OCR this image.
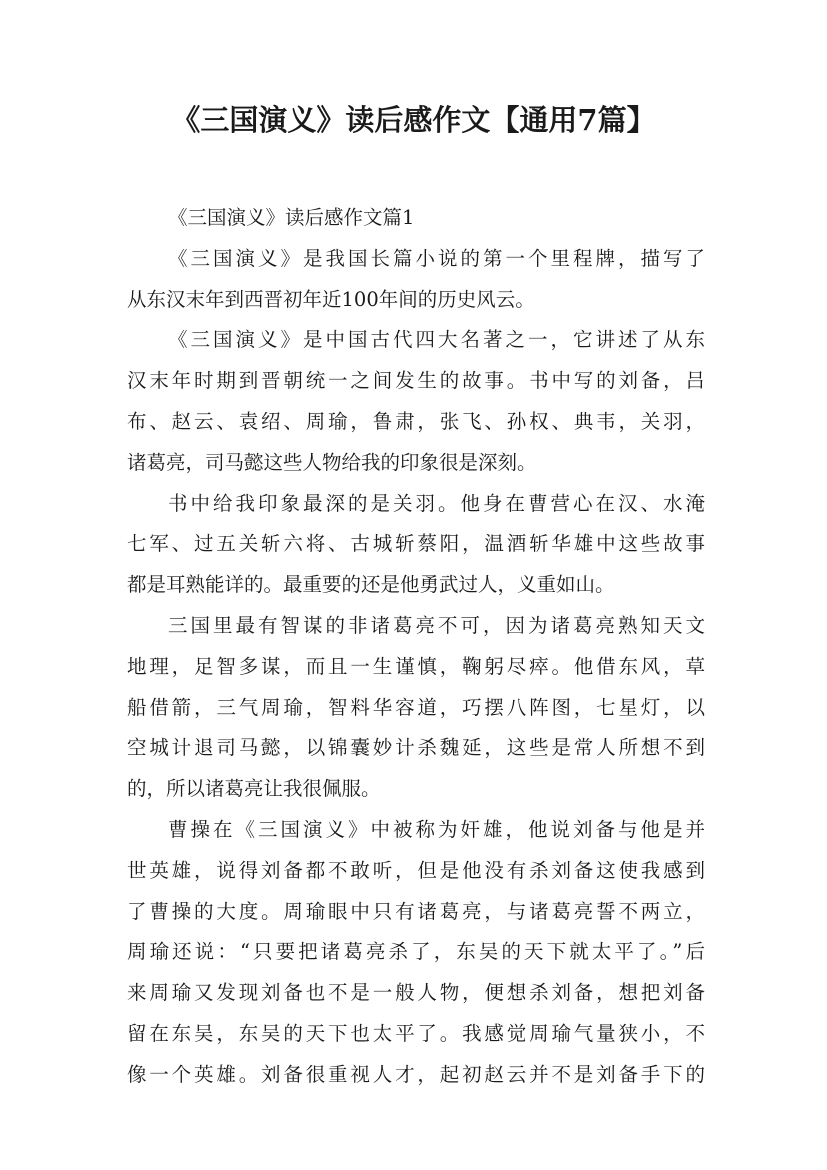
《三国演义》读后感作文【通用7篇】
《三国演义》读后感作文篇1
《三国演义》是我国长篇小说的第一个里程牌，描写了
从东汉末年到西晋初年近100年间的历史风云。
《三国演义》是中国古代四大名著之一，它讲述了从东
汉末年时期到晋朝统一之间发生的故事。书中写的刘备，吕
布、赵云、袁绍、周瑜，鲁肃，张飞、孙权、典韦，关羽，
诸葛亮，司马懿这些人物给我的印象很是深刻。
书中给我印象最深的是关羽。他身在曹营心在汉、水淹
七军、过五关斩六将、古城斩蔡阳，温酒斩华雄中这些故事
都是耳熟能详的。最重要的还是他勇武过人，义重如山。
三国里最有智谋的非诸葛亮不可，因为诸葛亮熟知天文
地理，足智多谋，而且一生谨慎，鞠躬尽瘁。他借东风，草
船借箭，三气周瑜，智料华容道，巧摆八阵图，七星灯，以
空城计退司马懿，以锦囊妙计杀魏延，这些是常人所想不到
的，所以诸葛亮让我很佩服。
曹操在《三国演义》中被称为奸雄，他说刘备与他是并
世英雄，说得刘备都不敢听，但是他没有杀刘备这使我感到
了曹操的大度。周瑜眼中只有诸葛亮，与诸葛亮誓不两立，
周瑜还说：“只要把诸葛亮杀了，东吴的天下就太平了。”后
来周瑜又发现刘备也不是一般人物，便想杀刘备，想把刘备
留在东吴，东吴的天下也太平了。我感觉周瑜气量狭小，不
像一个英雄。刘备很重视人才，起初赵云并不是刘备手下的
